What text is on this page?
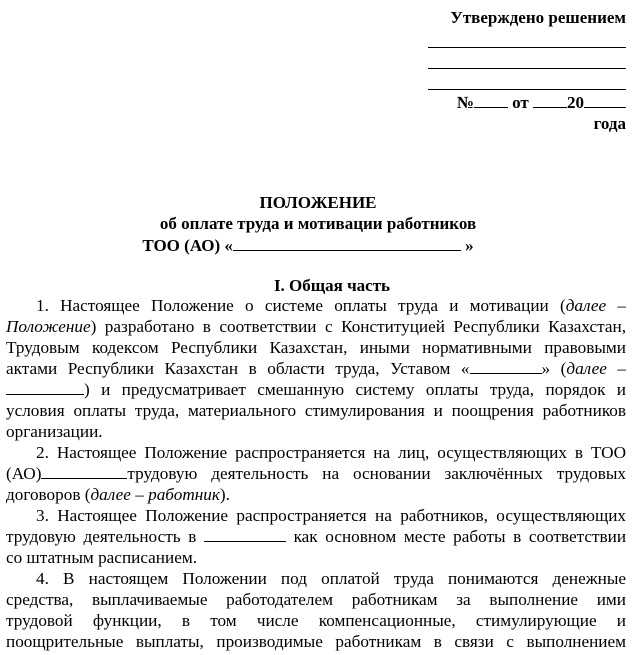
Утверждено решением
№ от 20
года
ПОЛОЖЕНИЕ
об оплате труда и мотивации работников
ТОО (АО) «	»
I. Общая часть
1. Настоящее Положение о системе оплаты труда и мотивации (далее –
Положение) разработано в соответствии с Конституцией Республики Казахстан,
Трудовым кодексом Республики Казахстан, иными нормативными правовыми
актами Республики Казахстан в области труда, Уставом «	» (далее –
) и предусматривает смешанную систему оплаты труда, порядок и
условия оплаты труда, материального стимулирования и поощрения работников
организации.
2. Настоящее Положение распространяется на лиц, осуществляющих в ТОО
(АО)	трудовую деятельность на основании заключённых трудовых
договоров (далее – работник).
3. Настоящее Положение распространяется на работников, осуществляющих
трудовую деятельность в	как основном месте работы в соответствии
со штатным расписанием.
4. В настоящем Положении под оплатой труда понимаются денежные
средства, выплачиваемые работодателем работникам за выполнение ими
трудовой функции, в том числе компенсационные, стимулирующие и
поощрительные выплаты, производимые работникам в связи с выполнением
